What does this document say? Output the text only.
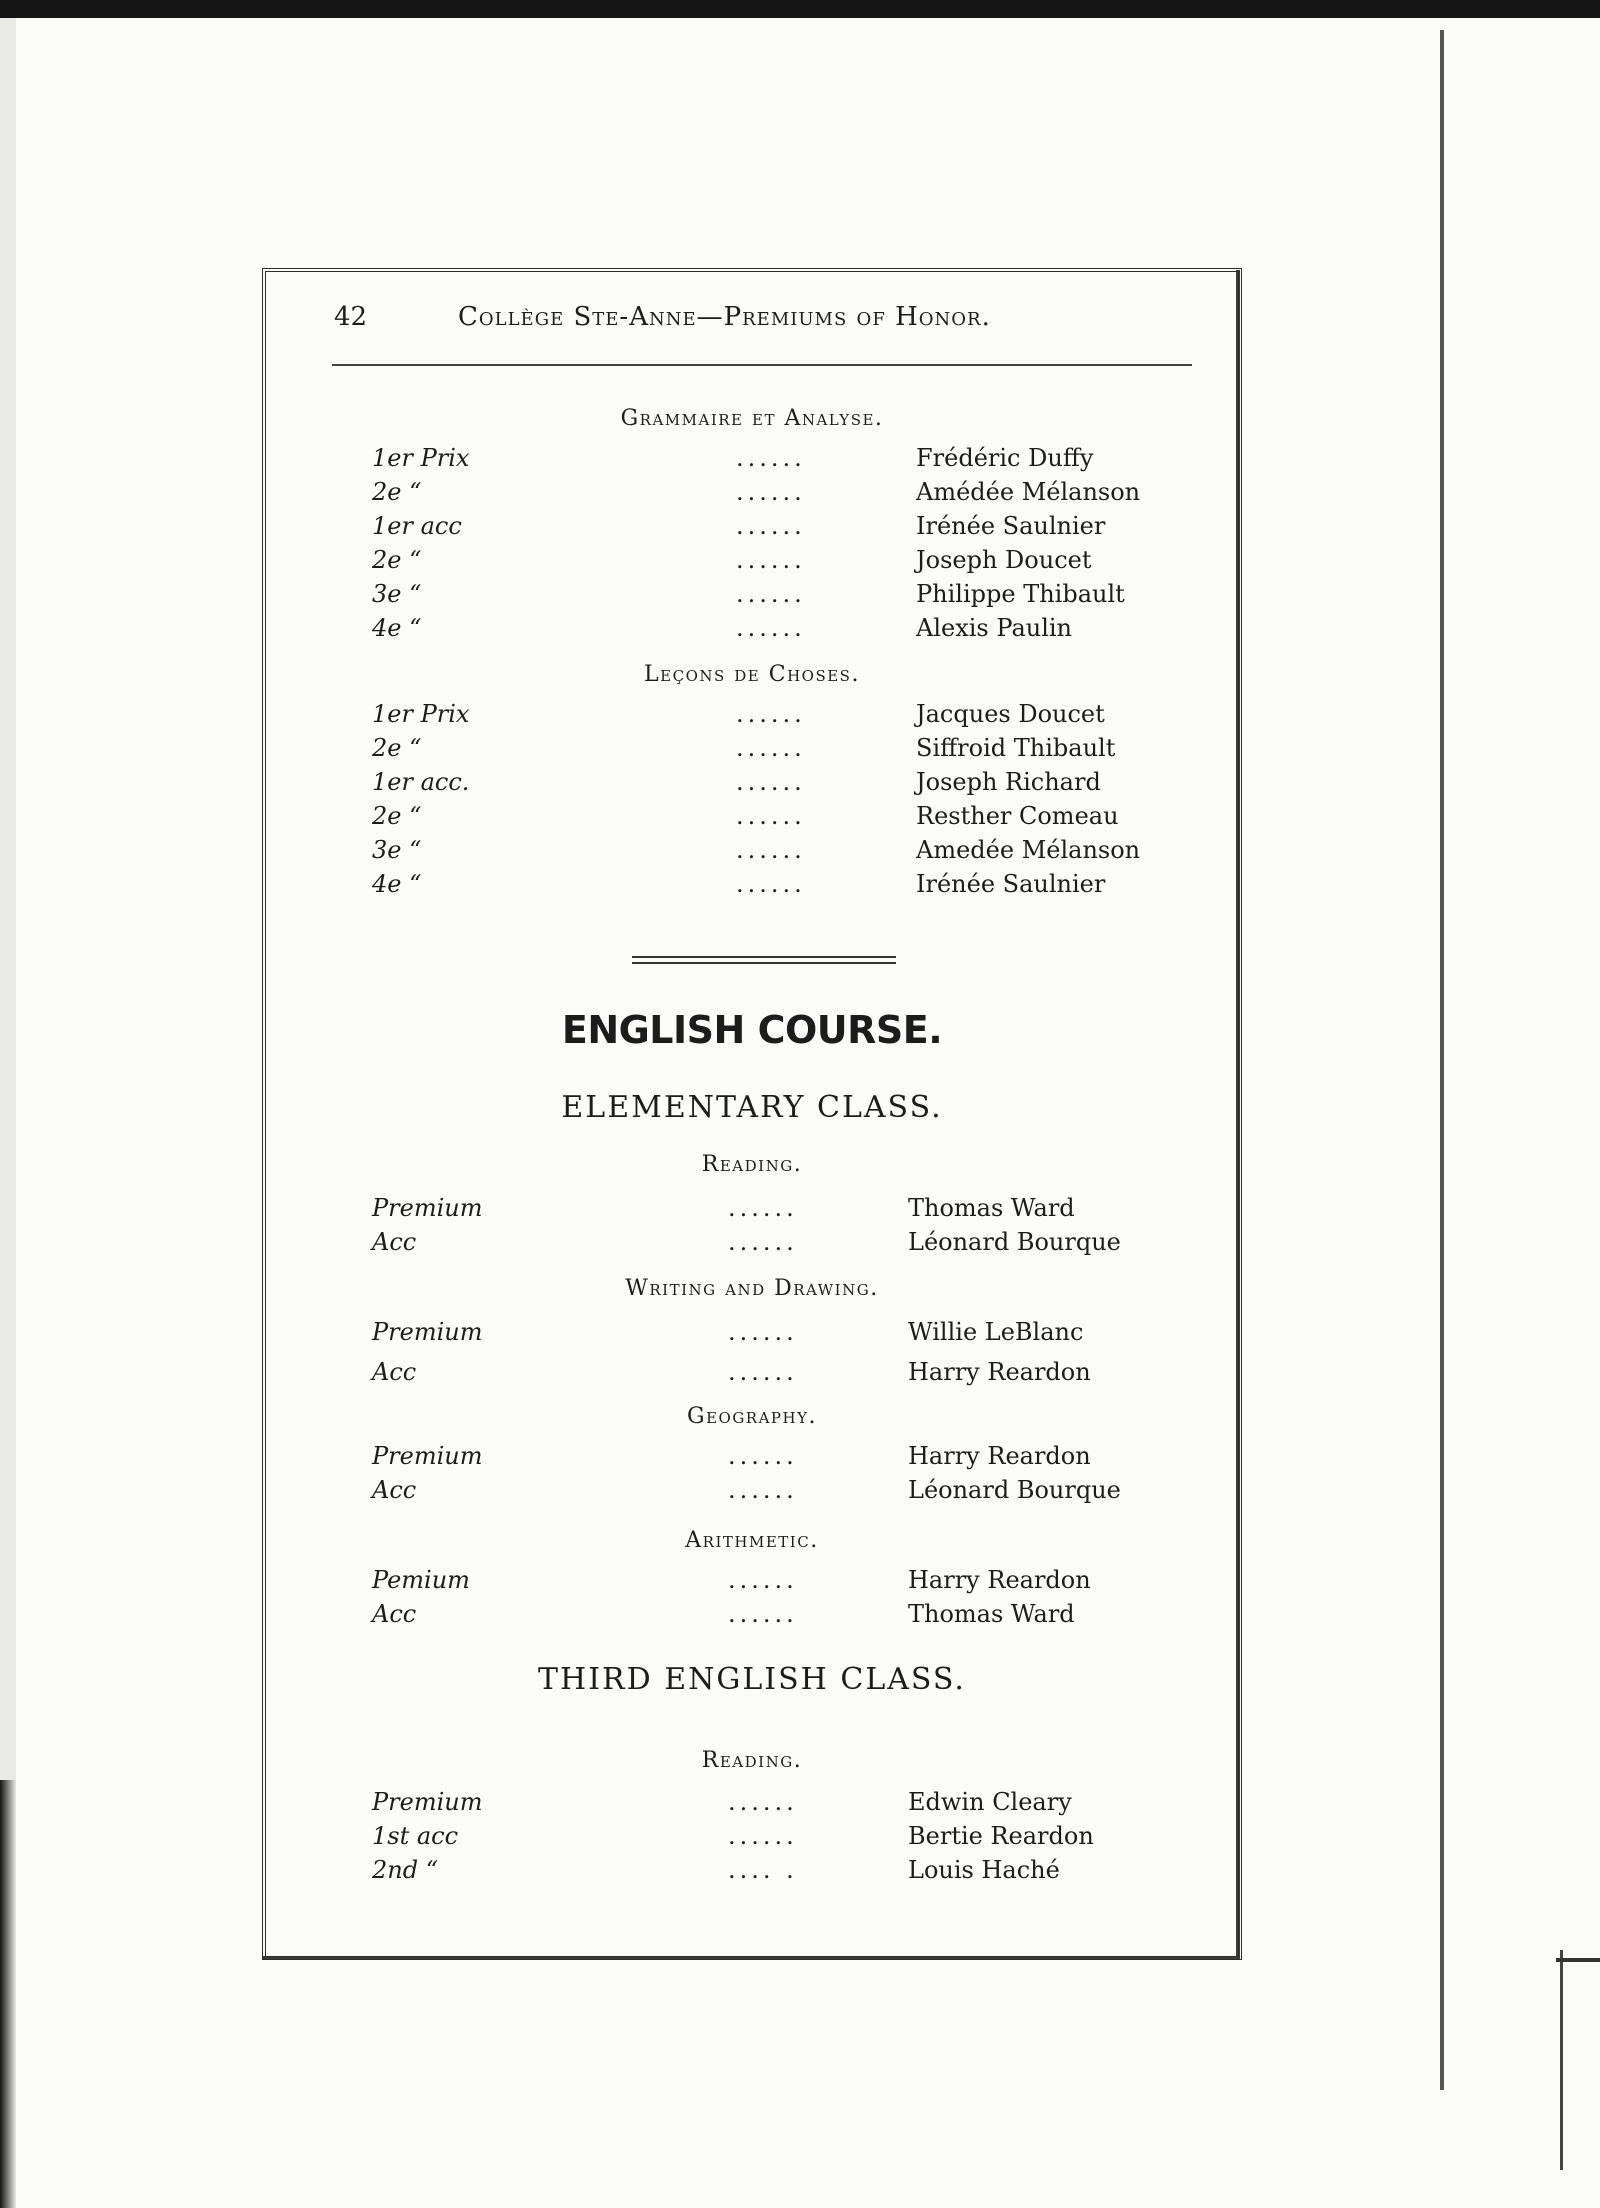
42	Collège Ste-Anne—Premiums of Honor.
Grammaire et Analyse.
1er Prix	......	Frédéric Duffy
2e “	......	Amédée Mélanson
1er acc	......	Irénée Saulnier
2e “	......	Joseph Doucet
3e “	......	Philippe Thibault
4e “	......	Alexis Paulin
Leçons de Choses.
1er Prix	......	Jacques Doucet
2e “	......	Siffroid Thibault
1er acc.	......	Joseph Richard
2e “	......	Resther Comeau
3e “	......	Amedée Mélanson
4e “	......	Irénée Saulnier
ENGLISH COURSE.
ELEMENTARY CLASS.
Reading.
Premium	......	Thomas Ward
Acc	......	Léonard Bourque
Writing and Drawing.
Premium	......	Willie LeBlanc
Acc	......	Harry Reardon
Geography.
Premium	......	Harry Reardon
Acc	......	Léonard Bourque
Arithmetic.
Pemium	......	Harry Reardon
Acc	......	Thomas Ward
THIRD ENGLISH CLASS.
Reading.
Premium	......	Edwin Cleary
1st acc	......	Bertie Reardon
2nd “	.... .	Louis Haché
